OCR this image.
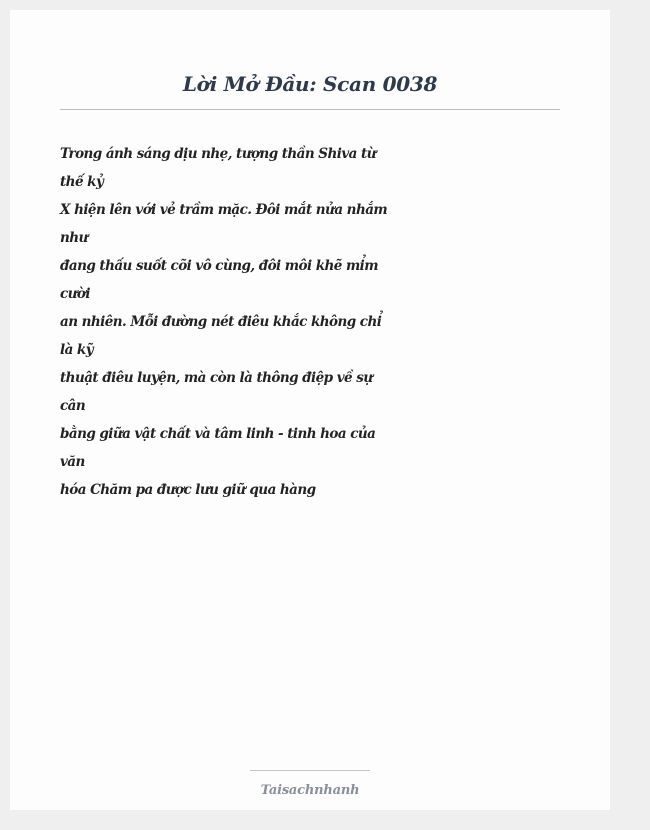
Lời Mở Đầu: Scan 0038
Trong ánh sáng dịu nhẹ, tượng thần Shiva từ
thế kỷ
X hiện lên với vẻ trầm mặc. Đôi mắt nửa nhắm
như
đang thấu suốt cõi vô cùng, đôi môi khẽ mỉm
cười
an nhiên. Mỗi đường nét điêu khắc không chỉ
là kỹ
thuật điêu luyện, mà còn là thông điệp về sự
cân
bằng giữa vật chất và tâm linh - tinh hoa của
văn
hóa Chăm pa được lưu giữ qua hàng
Taisachnhanh
